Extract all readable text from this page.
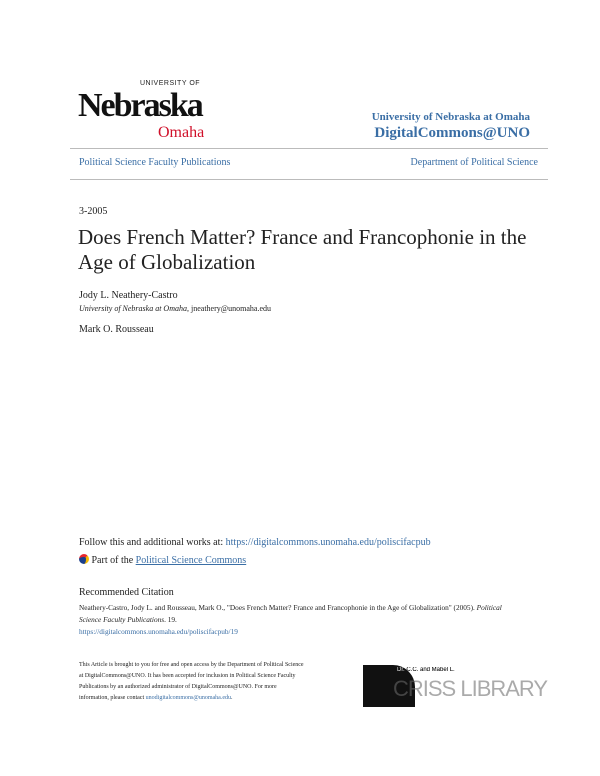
UNIVERSITY OF
Nebraska
Omaha
University of Nebraska at Omaha
DigitalCommons@UNO
Political Science Faculty Publications	Department of Political Science
3-2005
Does French Matter? France and Francophonie in the Age of Globalization
Jody L. Neathery-Castro
University of Nebraska at Omaha, jneathery@unomaha.edu
Mark O. Rousseau
Follow this and additional works at: https://digitalcommons.unomaha.edu/poliscifacpub
Part of the Political Science Commons
Recommended Citation
Neathery-Castro, Jody L. and Rousseau, Mark O., "Does French Matter? France and Francophonie in the Age of Globalization" (2005). Political Science Faculty Publications. 19.
https://digitalcommons.unomaha.edu/poliscifacpub/19
This Article is brought to you for free and open access by the Department of Political Science at DigitalCommons@UNO. It has been accepted for inclusion in Political Science Faculty Publications by an authorized administrator of DigitalCommons@UNO. For more information, please contact unodigitalcommons@unomaha.edu.
Dr. C.C. and Mabel L.
CRISS LIBRARY
